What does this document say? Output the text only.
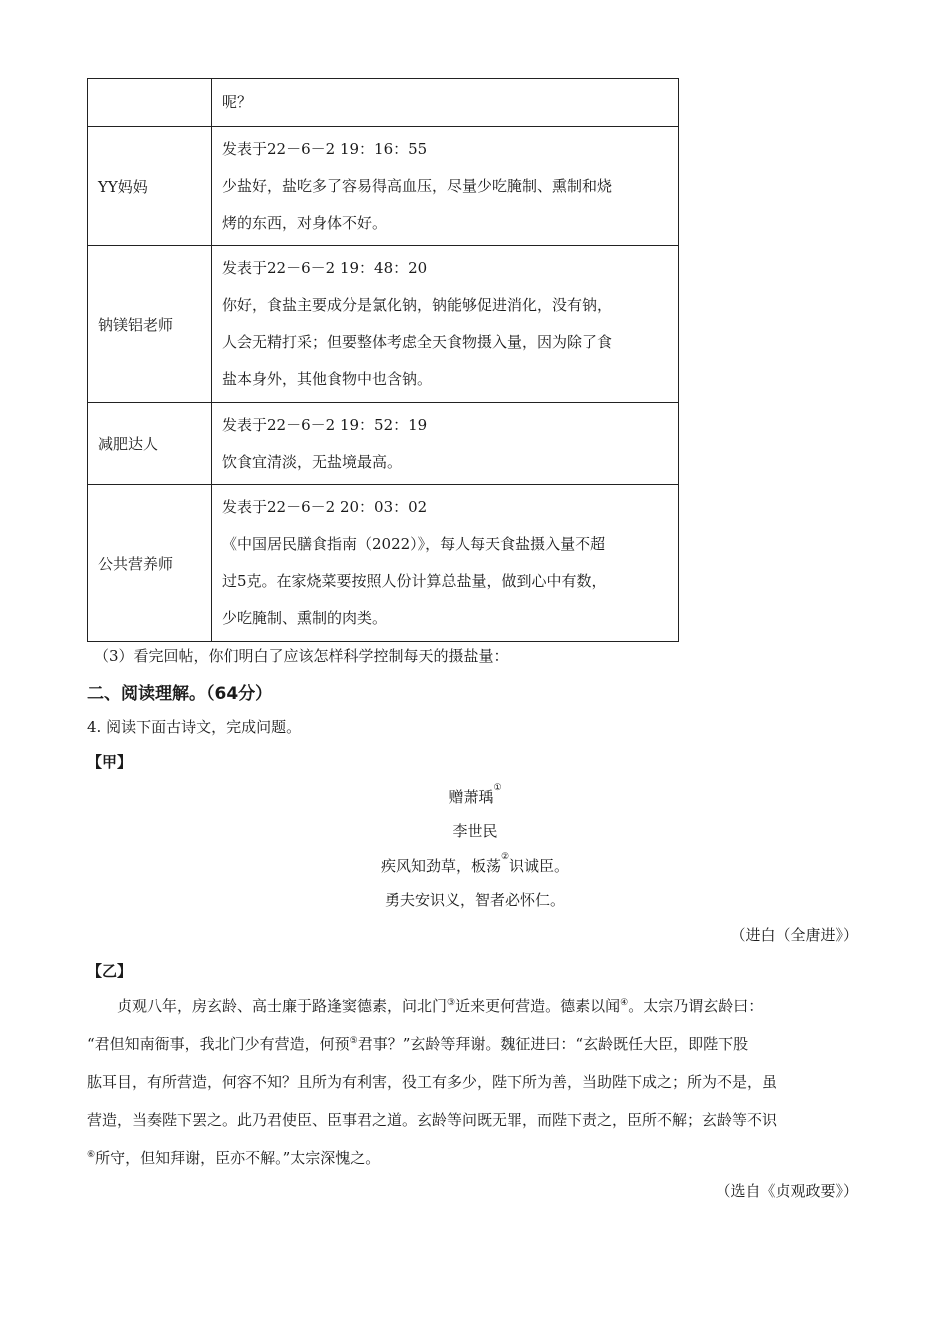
	呢？

YY妈妈	发表于22－6－2 19：16：55
少盐好，盐吃多了容易得高血压，尽量少吃腌制、熏制和烧
烤的东西，对身体不好。

钠镁铝老师	发表于22－6－2 19：48：20
你好，食盐主要成分是氯化钠，钠能够促进消化，没有钠，
人会无精打采；但要整体考虑全天食物摄入量，因为除了食
盐本身外，其他食物中也含钠。

减肥达人	发表于22－6－2 19：52：19
饮食宜清淡，无盐境最高。

公共营养师	发表于22－6－2 20：03：02
《中国居民膳食指南（2022）》，每人每天食盐摄入量不超
过5克。在家烧菜要按照人份计算总盐量，做到心中有数，
少吃腌制、熏制的肉类。
（3）看完回帖，你们明白了应该怎样科学控制每天的摄盐量：
二、阅读理解。（64分）
4. 阅读下面古诗文，完成问题。
【甲】
赠萧瑀①
李世民
疾风知劲草，板荡②识诚臣。
勇夫安识义，智者必怀仁。
（进白（全唐进》）
【乙】
　　贞观八年，房玄龄、高士廉于路逢窦德素，问北门③近来更何营造。德素以闻④。太宗乃谓玄龄曰：
“君但知南衙事，我北门少有营造，何预⑤君事？”玄龄等拜谢。魏征进曰：“玄龄既任大臣，即陛下股
肱耳目，有所营造，何容不知？且所为有利害，役工有多少，陛下所为善，当助陛下成之；所为不是，虽
营造，当奏陛下罢之。此乃君使臣、臣事君之道。玄龄等问既无罪，而陛下责之，臣所不解；玄龄等不识
⑥所守，但知拜谢，臣亦不解。”太宗深愧之。
（选自《贞观政要》）
